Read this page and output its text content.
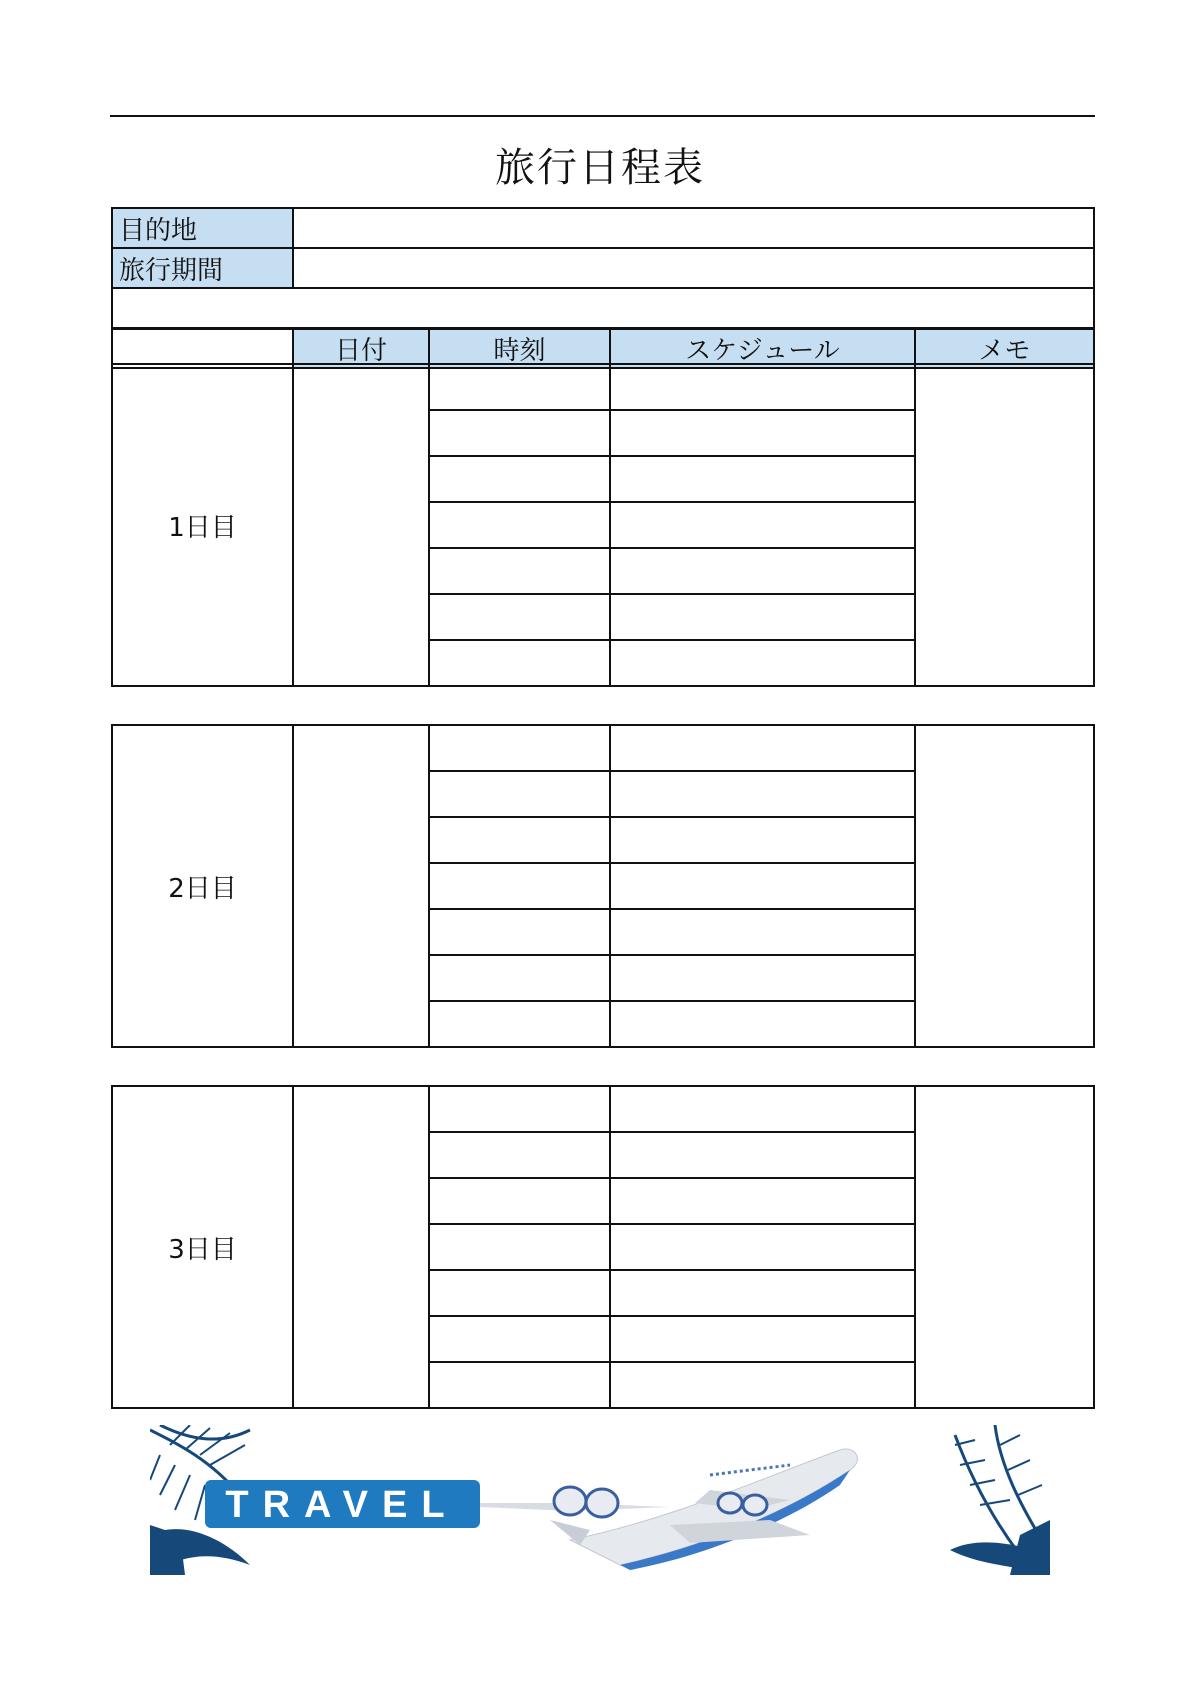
旅行日程表
目的地	
旅行期間	

	日付	時刻	スケジュール	メモ
1日目				

2日目				

3日目				

TRAVEL
